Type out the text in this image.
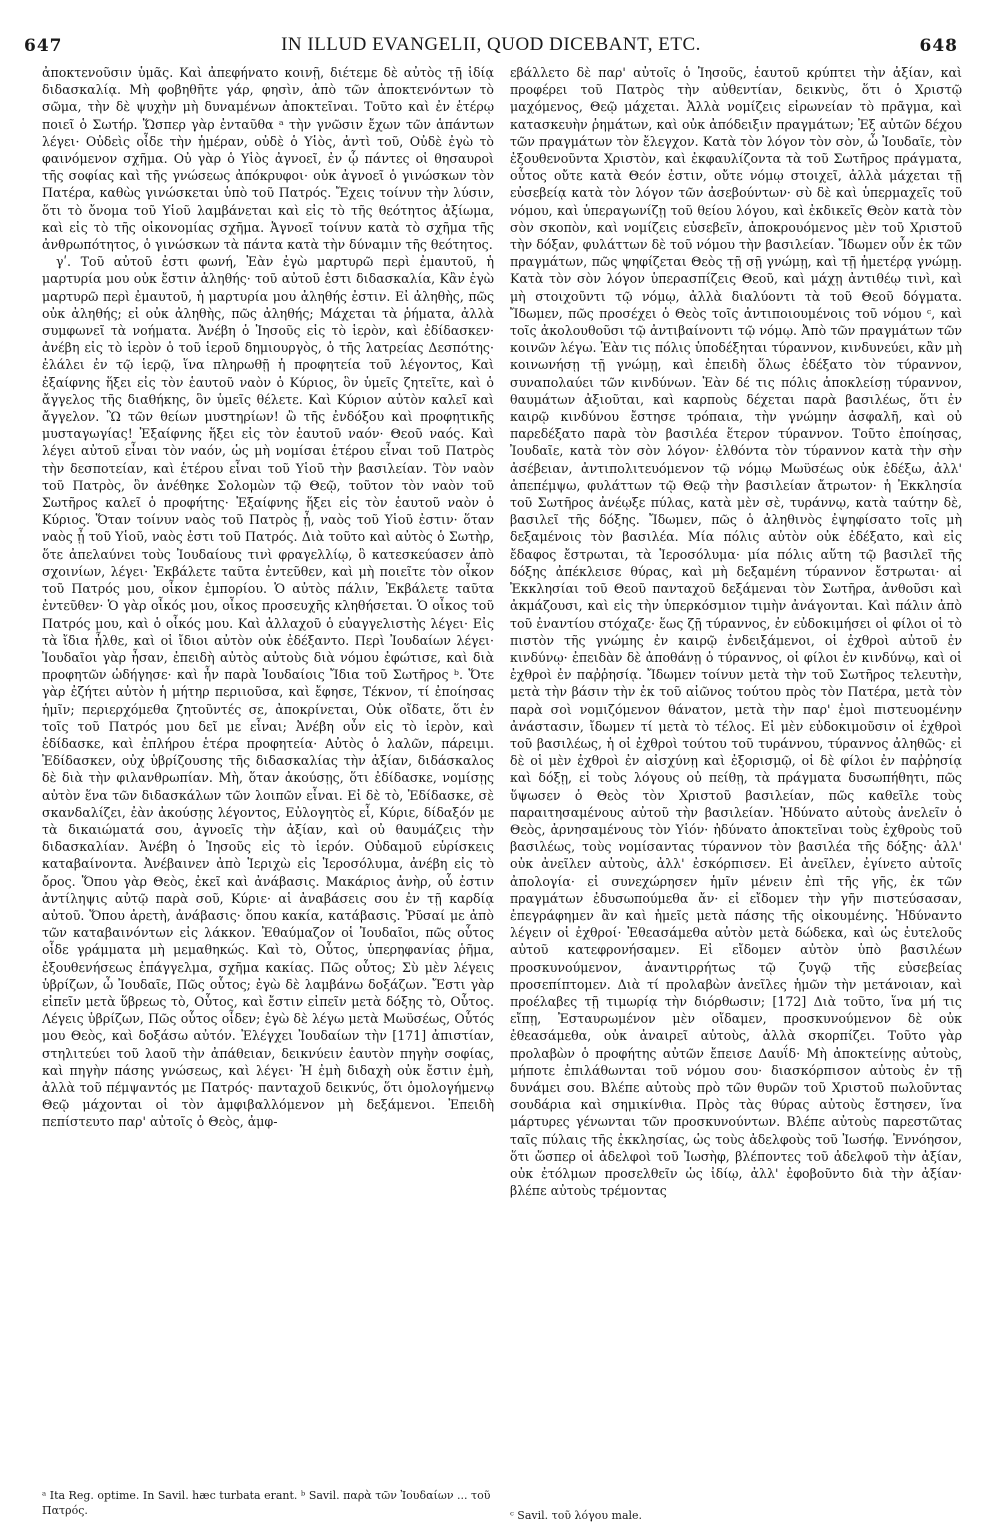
647	IN ILLUD EVANGELII, QUOD DICEBANT, ETC.	648

ἀποκτενοῦσιν ὑμᾶς. Καὶ ἀπεφήνατο κοινῇ, διέτεμε δὲ αὐτὸς τῇ ἰδίᾳ διδασκαλίᾳ. Μὴ φοβηθῆτε γάρ, φησὶν, ἀπὸ τῶν ἀποκτενόντων τὸ σῶμα, τὴν δὲ ψυχὴν μὴ δυναμένων ἀποκτεῖναι. Τοῦτο καὶ ἐν ἑτέρῳ ποιεῖ ὁ Σωτήρ. Ὥσπερ γὰρ ἐνταῦθα ᵃ τὴν γνῶσιν ἔχων τῶν ἁπάντων λέγει· Οὐδεὶς οἶδε τὴν ἡμέραν, οὐδὲ ὁ Υἱὸς, ἀντὶ τοῦ, Οὐδὲ ἐγὼ τὸ φαινόμενον σχῆμα. Οὐ γὰρ ὁ Υἱὸς ἀγνοεῖ, ἐν ᾧ πάντες οἱ θησαυροὶ τῆς σοφίας καὶ τῆς γνώσεως ἀπόκρυφοι· οὐκ ἀγνοεῖ ὁ γινώσκων τὸν Πατέρα, καθὼς γινώσκεται ὑπὸ τοῦ Πατρός. Ἔχεις τοίνυν τὴν λύσιν, ὅτι τὸ ὄνομα τοῦ Υἱοῦ λαμβάνεται καὶ εἰς τὸ τῆς θεότητος ἀξίωμα, καὶ εἰς τὸ τῆς οἰκονομίας σχῆμα. Ἀγνοεῖ τοίνυν κατὰ τὸ σχῆμα τῆς ἀνθρωπότητος, ὁ γινώσκων τὰ πάντα κατὰ τὴν δύναμιν τῆς θεότητος.

γʹ. Τοῦ αὐτοῦ ἐστι φωνή, Ἐὰν ἐγὼ μαρτυρῶ περὶ ἐμαυτοῦ, ἡ μαρτυρία μου οὐκ ἔστιν ἀληθής· τοῦ αὐτοῦ ἐστι διδασκαλία, Κἂν ἐγὼ μαρτυρῶ περὶ ἐμαυτοῦ, ἡ μαρτυρία μου ἀληθής ἐστιν. Εἰ ἀληθὴς, πῶς οὐκ ἀληθής; εἰ οὐκ ἀληθὴς, πῶς ἀληθής; Μάχεται τὰ ῥήματα, ἀλλὰ συμφωνεῖ τὰ νοήματα. Ἀνέβη ὁ Ἰησοῦς εἰς τὸ ἱερὸν, καὶ ἐδίδασκεν· ἀνέβη εἰς τὸ ἱερὸν ὁ τοῦ ἱεροῦ δημιουργὸς, ὁ τῆς λατρείας Δεσπότης· ἐλάλει ἐν τῷ ἱερῷ, ἵνα πληρωθῇ ἡ προφητεία τοῦ λέγοντος, Καὶ ἐξαίφνης ἥξει εἰς τὸν ἑαυτοῦ ναὸν ὁ Κύριος, ὃν ὑμεῖς ζητεῖτε, καὶ ὁ ἄγγελος τῆς διαθήκης, ὃν ὑμεῖς θέλετε. Καὶ Κύριον αὐτὸν καλεῖ καὶ ἄγγελον. Ὢ τῶν θείων μυστηρίων! ὢ τῆς ἐνδόξου καὶ προφητικῆς μυσταγωγίας! Ἐξαίφνης ἥξει εἰς τὸν ἑαυτοῦ ναόν· Θεοῦ ναός. Καὶ λέγει αὐτοῦ εἶναι τὸν ναόν, ὡς μὴ νομίσαι ἑτέρου εἶναι τοῦ Πατρὸς τὴν δεσποτείαν, καὶ ἑτέρου εἶναι τοῦ Υἱοῦ τὴν βασιλείαν. Τὸν ναὸν τοῦ Πατρὸς, ὃν ἀνέθηκε Σολομὼν τῷ Θεῷ, τοῦτον τὸν ναὸν τοῦ Σωτῆρος καλεῖ ὁ προφήτης· Ἐξαίφνης ἥξει εἰς τὸν ἑαυτοῦ ναὸν ὁ Κύριος. Ὅταν τοίνυν ναὸς τοῦ Πατρὸς ᾖ, ναὸς τοῦ Υἱοῦ ἐστιν· ὅταν ναὸς ᾖ τοῦ Υἱοῦ, ναὸς ἐστι τοῦ Πατρός. Διὰ τοῦτο καὶ αὐτὸς ὁ Σωτὴρ, ὅτε ἀπελαύνει τοὺς Ἰουδαίους τινὶ φραγελλίῳ, ὃ κατεσκεύασεν ἀπὸ σχοινίων, λέγει· Ἐκβάλετε ταῦτα ἐντεῦθεν, καὶ μὴ ποιεῖτε τὸν οἶκον τοῦ Πατρός μου, οἶκον ἐμπορίου. Ὁ αὐτὸς πάλιν, Ἐκβάλετε ταῦτα ἐντεῦθεν· Ὁ γὰρ οἶκός μου, οἶκος προσευχῆς κληθήσεται. Ὁ οἶκος τοῦ Πατρός μου, καὶ ὁ οἶκός μου. Καὶ ἀλλαχοῦ ὁ εὐαγγελιστὴς λέγει· Εἰς τὰ ἴδια ἦλθε, καὶ οἱ ἴδιοι αὐτὸν οὐκ ἐδέξαντο. Περὶ Ἰουδαίων λέγει· Ἰουδαῖοι γὰρ ἦσαν, ἐπειδὴ αὐτὸς αὐτοὺς διὰ νόμου ἐφώτισε, καὶ διὰ προφητῶν ὡδήγησε· καὶ ἦν παρὰ Ἰουδαίοις Ἴδια τοῦ Σωτῆρος ᵇ. Ὅτε γὰρ ἐζήτει αὐτὸν ἡ μήτηρ περιιοῦσα, καὶ ἔφησε, Τέκνον, τί ἐποίησας ἡμῖν; περιερχόμεθα ζητοῦντές σε, ἀποκρίνεται, Οὐκ οἴδατε, ὅτι ἐν τοῖς τοῦ Πατρός μου δεῖ με εἶναι; Ἀνέβη οὖν εἰς τὸ ἱερὸν, καὶ ἐδίδασκε, καὶ ἐπλήρου ἑτέρα προφητεία· Αὐτὸς ὁ λαλῶν, πάρειμι. Ἐδίδασκεν, οὐχ ὑβρίζουσης τῆς διδασκαλίας τὴν ἀξίαν, διδάσκαλος δὲ διὰ τὴν φιλανθρωπίαν. Μὴ, ὅταν ἀκούσῃς, ὅτι ἐδίδασκε, νομίσῃς αὐτὸν ἕνα τῶν διδασκάλων τῶν λοιπῶν εἶναι. Εἰ δὲ τὸ, Ἐδίδασκε, σὲ σκανδαλίζει, ἐὰν ἀκούσῃς λέγοντος, Εὐλογητὸς εἶ, Κύριε, δίδαξόν με τὰ δικαιώματά σου, ἀγνοεῖς τὴν ἀξίαν, καὶ οὐ θαυμάζεις τὴν διδασκαλίαν. Ἀνέβη ὁ Ἰησοῦς εἰς τὸ ἱερόν. Οὐδαμοῦ εὑρίσκεις καταβαίνοντα. Ἀνέβαινεν ἀπὸ Ἱεριχὼ εἰς Ἱεροσόλυμα, ἀνέβη εἰς τὸ ὄρος. Ὅπου γὰρ Θεὸς, ἐκεῖ καὶ ἀνάβασις. Μακάριος ἀνὴρ, οὗ ἐστιν ἀντίληψις αὐτῷ παρὰ σοῦ, Κύριε· αἱ ἀναβάσεις σου ἐν τῇ καρδίᾳ αὐτοῦ. Ὅπου ἀρετὴ, ἀνάβασις· ὅπου κακία, κατάβασις. Ῥῦσαί με ἀπὸ τῶν καταβαινόντων εἰς λάκκον. Ἐθαύμαζον οἱ Ἰουδαῖοι, πῶς οὗτος οἶδε γράμματα μὴ μεμαθηκώς. Καὶ τὸ, Οὗτος, ὑπερηφανίας ῥῆμα, ἐξουθενήσεως ἐπάγγελμα, σχῆμα κακίας. Πῶς οὗτος; Σὺ μὲν λέγεις ὑβρίζων, ὦ Ἰουδαῖε, Πῶς οὗτος; ἐγὼ δὲ λαμβάνω δοξάζων. Ἔστι γὰρ εἰπεῖν μετὰ ὕβρεως τὸ, Οὗτος, καὶ ἔστιν εἰπεῖν μετὰ δόξης τὸ, Οὗτος. Λέγεις ὑβρίζων, Πῶς οὗτος οἶδεν; ἐγὼ δὲ λέγω μετὰ Μωϋσέως, Οὗτός μου Θεὸς, καὶ δοξάσω αὐτόν. Ἐλέγχει Ἰουδαίων τὴν [171] ἀπιστίαν, στηλιτεύει τοῦ λαοῦ τὴν ἀπάθειαν, δεικνύειν ἑαυτὸν πηγὴν σοφίας, καὶ πηγὴν πάσης γνώσεως, καὶ λέγει· Ἡ ἐμὴ διδαχὴ οὐκ ἔστιν ἐμὴ, ἀλλὰ τοῦ πέμψαντός με Πατρός· πανταχοῦ δεικνύς, ὅτι ὁμολογήμενῳ Θεῷ μάχονται οἱ τὸν ἀμφιβαλλόμενον μὴ δεξάμενοι. Ἐπειδὴ πεπίστευτο παρ' αὐτοῖς ὁ Θεὸς, ἀμφ-

εβάλλετο δὲ παρ' αὐτοῖς ὁ Ἰησοῦς, ἑαυτοῦ κρύπτει τὴν ἀξίαν, καὶ προφέρει τοῦ Πατρὸς τὴν αὐθεντίαν, δεικνὺς, ὅτι ὁ Χριστῷ μαχόμενος, Θεῷ μάχεται. Ἀλλὰ νομίζεις εἰρωνείαν τὸ πρᾶγμα, καὶ κατασκευὴν ῥημάτων, καὶ οὐκ ἀπόδειξιν πραγμάτων; Ἐξ αὐτῶν δέχου τῶν πραγμάτων τὸν ἔλεγχον. Κατὰ τὸν λόγον τὸν σὸν, ὦ Ἰουδαῖε, τὸν ἐξουθενοῦντα Χριστὸν, καὶ ἐκφαυλίζοντα τὰ τοῦ Σωτῆρος πράγματα, οὗτος οὔτε κατὰ Θεόν ἐστιν, οὔτε νόμῳ στοιχεῖ, ἀλλὰ μάχεται τῇ εὐσεβείᾳ κατὰ τὸν λόγον τῶν ἀσεβούντων· σὺ δὲ καὶ ὑπερμαχεῖς τοῦ νόμου, καὶ ὑπεραγωνίζῃ τοῦ θείου λόγου, καὶ ἐκδικεῖς Θεὸν κατὰ τὸν σὸν σκοπὸν, καὶ νομίζεις εὐσεβεῖν, ἀποκρουόμενος μὲν τοῦ Χριστοῦ τὴν δόξαν, φυλάττων δὲ τοῦ νόμου τὴν βασιλείαν. Ἴδωμεν οὖν ἐκ τῶν πραγμάτων, πῶς ψηφίζεται Θεὸς τῇ σῇ γνώμῃ, καὶ τῇ ἡμετέρᾳ γνώμῃ. Κατὰ τὸν σὸν λόγον ὑπερασπίζεις Θεοῦ, καὶ μάχῃ ἀντιθέῳ τινὶ, καὶ μὴ στοιχοῦντι τῷ νόμῳ, ἀλλὰ διαλύοντι τὰ τοῦ Θεοῦ δόγματα. Ἴδωμεν, πῶς προσέχει ὁ Θεὸς τοῖς ἀντιποιουμένοις τοῦ νόμου ᶜ, καὶ τοῖς ἀκολουθοῦσι τῷ ἀντιβαίνοντι τῷ νόμῳ. Ἀπὸ τῶν πραγμάτων τῶν κοινῶν λέγω. Ἐὰν τις πόλις ὑποδέξηται τύραννον, κινδυνεύει, κἂν μὴ κοινωνήσῃ τῇ γνώμῃ, καὶ ἐπειδὴ ὅλως ἐδέξατο τὸν τύραννον, συναπολαύει τῶν κινδύνων. Ἐὰν δέ τις πόλις ἀποκλείσῃ τύραννον, θαυμάτων ἀξιοῦται, καὶ καρποὺς δέχεται παρὰ βασιλέως, ὅτι ἐν καιρῷ κινδύνου ἔστησε τρόπαια, τὴν γνώμην ἀσφαλῆ, καὶ οὐ παρεδέξατο παρὰ τὸν βασιλέα ἕτερον τύραννον. Τοῦτο ἐποίησας, Ἰουδαῖε, κατὰ τὸν σὸν λόγον· ἐλθόντα τὸν τύραννον κατὰ τὴν σὴν ἀσέβειαν, ἀντιπολιτευόμενον τῷ νόμῳ Μωϋσέως οὐκ ἐδέξω, ἀλλ' ἀπεπέμψω, φυλάττων τῷ Θεῷ τὴν βασιλείαν ἄτρωτον· ἡ Ἐκκλησία τοῦ Σωτῆρος ἀνέῳξε πύλας, κατὰ μὲν σὲ, τυράννῳ, κατὰ ταύτην δὲ, βασιλεῖ τῆς δόξης. Ἴδωμεν, πῶς ὁ ἀληθινὸς ἐψηφίσατο τοῖς μὴ δεξαμένοις τὸν βασιλέα. Μία πόλις αὐτὸν οὐκ ἐδέξατο, καὶ εἰς ἔδαφος ἔστρωται, τὰ Ἱεροσόλυμα· μία πόλις αὕτη τῷ βασιλεῖ τῆς δόξης ἀπέκλεισε θύρας, καὶ μὴ δεξαμένη τύραννον ἔστρωται· αἱ Ἐκκλησίαι τοῦ Θεοῦ πανταχοῦ δεξάμεναι τὸν Σωτῆρα, ἀνθοῦσι καὶ ἀκμάζουσι, καὶ εἰς τὴν ὑπερκόσμιον τιμὴν ἀνάγονται. Καὶ πάλιν ἀπὸ τοῦ ἐναντίου στόχαζε· ἕως ζῇ τύραννος, ἐν εὐδοκιμήσει οἱ φίλοι οἱ τὸ πιστὸν τῆς γνώμης ἐν καιρῷ ἐνδειξάμενοι, οἱ ἐχθροὶ αὐτοῦ ἐν κινδύνῳ· ἐπειδὰν δὲ ἀποθάνῃ ὁ τύραννος, οἱ φίλοι ἐν κινδύνῳ, καὶ οἱ ἐχθροὶ ἐν παῤῥησίᾳ. Ἴδωμεν τοίνυν μετὰ τὴν τοῦ Σωτῆρος τελευτὴν, μετὰ τὴν βάσιν τὴν ἐκ τοῦ αἰῶνος τούτου πρὸς τὸν Πατέρα, μετὰ τὸν παρὰ σοὶ νομιζόμενον θάνατον, μετὰ τὴν παρ' ἐμοὶ πιστευομένην ἀνάστασιν, ἴδωμεν τί μετὰ τὸ τέλος. Εἰ μὲν εὐδοκιμοῦσιν οἱ ἐχθροὶ τοῦ βασιλέως, ἡ οἱ ἐχθροὶ τούτου τοῦ τυράννου, τύραννος ἀληθῶς· εἰ δὲ οἱ μὲν ἐχθροὶ ἐν αἰσχύνῃ καὶ ἐξορισμῷ, οἱ δὲ φίλοι ἐν παῤῥησίᾳ καὶ δόξῃ, εἰ τοὺς λόγους οὐ πείθῃ, τὰ πράγματα δυσωπήθητι, πῶς ὕψωσεν ὁ Θεὸς τὸν Χριστοῦ βασιλείαν, πῶς καθεῖλε τοὺς παραιτησαμένους αὐτοῦ τὴν βασιλείαν. Ἠδύνατο αὐτοὺς ἀνελεῖν ὁ Θεὸς, ἀρνησαμένους τὸν Υἱόν· ἠδύνατο ἀποκτεῖναι τοὺς ἐχθροὺς τοῦ βασιλέως, τοὺς νομίσαντας τύραννον τὸν βασιλέα τῆς δόξης· ἀλλ' οὐκ ἀνεῖλεν αὐτοὺς, ἀλλ' ἐσκόρπισεν. Εἰ ἀνεῖλεν, ἐγίνετο αὐτοῖς ἀπολογία· εἰ συνεχώρησεν ἡμῖν μένειν ἐπὶ τῆς γῆς, ἐκ τῶν πραγμάτων ἐδυσωπούμεθα ἄν· εἰ εἴδομεν τὴν γῆν πιστεύσασαν, ἐπεγράφημεν ἂν καὶ ἡμεῖς μετὰ πάσης τῆς οἰκουμένης. Ἠδύναντο λέγειν οἱ ἐχθροί· Ἐθεασάμεθα αὐτὸν μετὰ δώδεκα, καὶ ὡς ἐυτελοῦς αὐτοῦ κατεφρονήσαμεν. Εἰ εἴδομεν αὐτὸν ὑπὸ βασιλέων προσκυνούμενον, ἀναντιρρήτως τῷ ζυγῷ τῆς εὐσεβείας προσεπίπτομεν. Διὰ τί προλαβὼν ἀνεῖλες ἡμῶν τὴν μετάνοιαν, καὶ προέλαβες τῇ τιμωρίᾳ τὴν διόρθωσιν; [172] Διὰ τοῦτο, ἵνα μή τις εἴπῃ, Ἐσταυρωμένον μὲν οἴδαμεν, προσκυνούμενον δὲ οὐκ ἐθεασάμεθα, οὐκ ἀναιρεῖ αὐτοὺς, ἀλλὰ σκορπίζει. Τοῦτο γὰρ προλαβὼν ὁ προφήτης αὐτῶν ἔπεισε Δαυΐδ· Μὴ ἀποκτείνῃς αὐτοὺς, μήποτε ἐπιλάθωνται τοῦ νόμου σου· διασκόρπισον αὐτοὺς ἐν τῇ δυνάμει σου. Βλέπε αὐτοὺς πρὸ τῶν θυρῶν τοῦ Χριστοῦ πωλοῦντας σουδάρια καὶ σημικίνθια. Πρὸς τὰς θύρας αὐτοὺς ἔστησεν, ἵνα μάρτυρες γένωνται τῶν προσκυνούντων. Βλέπε αὐτοὺς παρεστῶτας ταῖς πύλαις τῆς ἐκκλησίας, ὡς τοὺς ἀδελφοὺς τοῦ Ἰωσήφ. Ἐννόησον, ὅτι ὥσπερ οἱ ἀδελφοὶ τοῦ Ἰωσὴφ, βλέποντες τοῦ ἀδελφοῦ τὴν ἀξίαν, οὐκ ἐτόλμων προσελθεῖν ὡς ἰδίῳ, ἀλλ' ἐφοβοῦντο διὰ τὴν ἀξίαν· βλέπε αὐτοὺς τρέμοντας

ᵃ Ita Reg. optime. In Savil. hæc turbata erant. ᵇ Savil. παρὰ τῶν Ἰουδαίων ... τοῦ Πατρός.	ᶜ Savil. τοῦ λόγου male.
